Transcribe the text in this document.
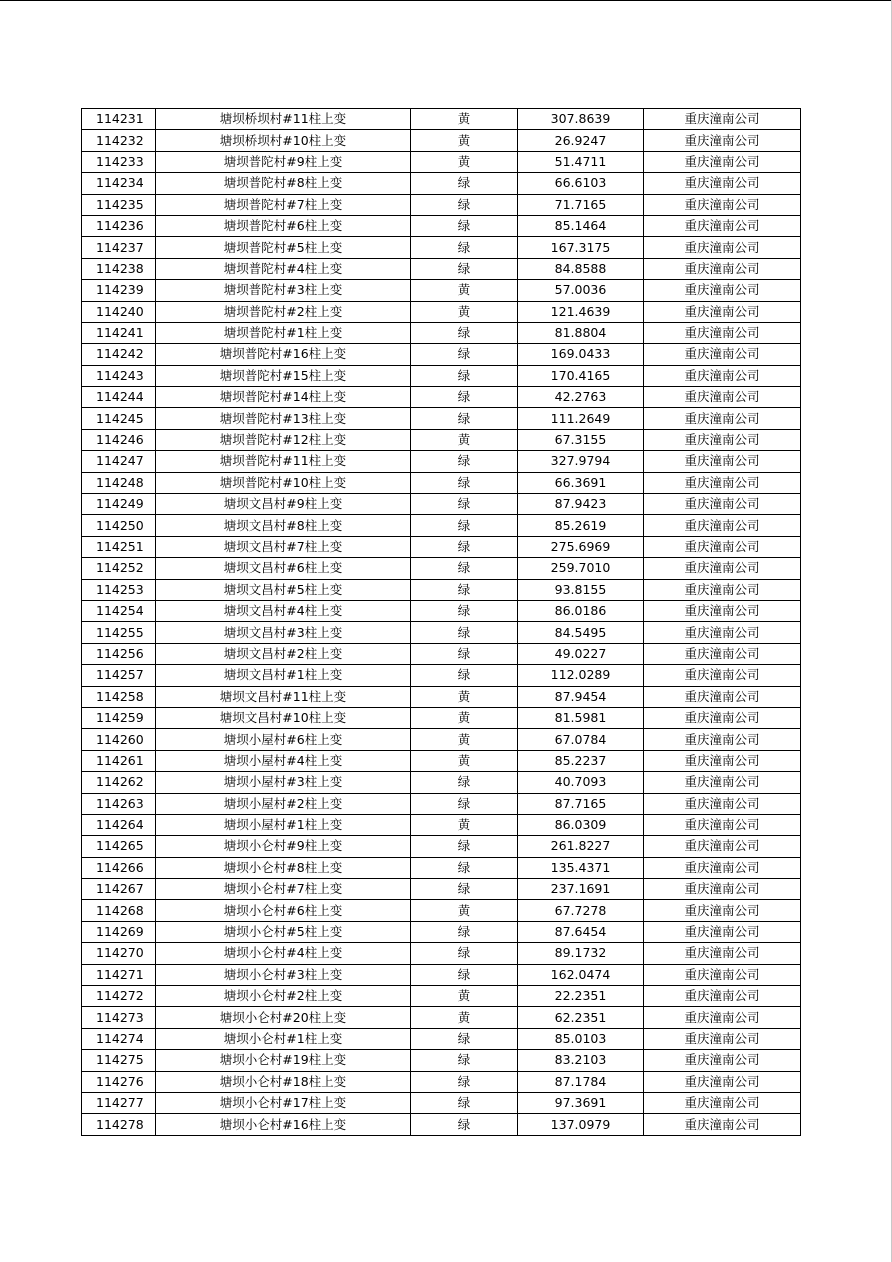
114231	塘坝桥坝村#11柱上变	黄	307.8639	重庆潼南公司
114232	塘坝桥坝村#10柱上变	黄	26.9247	重庆潼南公司
114233	塘坝普陀村#9柱上变	黄	51.4711	重庆潼南公司
114234	塘坝普陀村#8柱上变	绿	66.6103	重庆潼南公司
114235	塘坝普陀村#7柱上变	绿	71.7165	重庆潼南公司
114236	塘坝普陀村#6柱上变	绿	85.1464	重庆潼南公司
114237	塘坝普陀村#5柱上变	绿	167.3175	重庆潼南公司
114238	塘坝普陀村#4柱上变	绿	84.8588	重庆潼南公司
114239	塘坝普陀村#3柱上变	黄	57.0036	重庆潼南公司
114240	塘坝普陀村#2柱上变	黄	121.4639	重庆潼南公司
114241	塘坝普陀村#1柱上变	绿	81.8804	重庆潼南公司
114242	塘坝普陀村#16柱上变	绿	169.0433	重庆潼南公司
114243	塘坝普陀村#15柱上变	绿	170.4165	重庆潼南公司
114244	塘坝普陀村#14柱上变	绿	42.2763	重庆潼南公司
114245	塘坝普陀村#13柱上变	绿	111.2649	重庆潼南公司
114246	塘坝普陀村#12柱上变	黄	67.3155	重庆潼南公司
114247	塘坝普陀村#11柱上变	绿	327.9794	重庆潼南公司
114248	塘坝普陀村#10柱上变	绿	66.3691	重庆潼南公司
114249	塘坝文昌村#9柱上变	绿	87.9423	重庆潼南公司
114250	塘坝文昌村#8柱上变	绿	85.2619	重庆潼南公司
114251	塘坝文昌村#7柱上变	绿	275.6969	重庆潼南公司
114252	塘坝文昌村#6柱上变	绿	259.7010	重庆潼南公司
114253	塘坝文昌村#5柱上变	绿	93.8155	重庆潼南公司
114254	塘坝文昌村#4柱上变	绿	86.0186	重庆潼南公司
114255	塘坝文昌村#3柱上变	绿	84.5495	重庆潼南公司
114256	塘坝文昌村#2柱上变	绿	49.0227	重庆潼南公司
114257	塘坝文昌村#1柱上变	绿	112.0289	重庆潼南公司
114258	塘坝文昌村#11柱上变	黄	87.9454	重庆潼南公司
114259	塘坝文昌村#10柱上变	黄	81.5981	重庆潼南公司
114260	塘坝小屋村#6柱上变	黄	67.0784	重庆潼南公司
114261	塘坝小屋村#4柱上变	黄	85.2237	重庆潼南公司
114262	塘坝小屋村#3柱上变	绿	40.7093	重庆潼南公司
114263	塘坝小屋村#2柱上变	绿	87.7165	重庆潼南公司
114264	塘坝小屋村#1柱上变	黄	86.0309	重庆潼南公司
114265	塘坝小仑村#9柱上变	绿	261.8227	重庆潼南公司
114266	塘坝小仑村#8柱上变	绿	135.4371	重庆潼南公司
114267	塘坝小仑村#7柱上变	绿	237.1691	重庆潼南公司
114268	塘坝小仑村#6柱上变	黄	67.7278	重庆潼南公司
114269	塘坝小仑村#5柱上变	绿	87.6454	重庆潼南公司
114270	塘坝小仑村#4柱上变	绿	89.1732	重庆潼南公司
114271	塘坝小仑村#3柱上变	绿	162.0474	重庆潼南公司
114272	塘坝小仑村#2柱上变	黄	22.2351	重庆潼南公司
114273	塘坝小仑村#20柱上变	黄	62.2351	重庆潼南公司
114274	塘坝小仑村#1柱上变	绿	85.0103	重庆潼南公司
114275	塘坝小仑村#19柱上变	绿	83.2103	重庆潼南公司
114276	塘坝小仑村#18柱上变	绿	87.1784	重庆潼南公司
114277	塘坝小仑村#17柱上变	绿	97.3691	重庆潼南公司
114278	塘坝小仑村#16柱上变	绿	137.0979	重庆潼南公司
